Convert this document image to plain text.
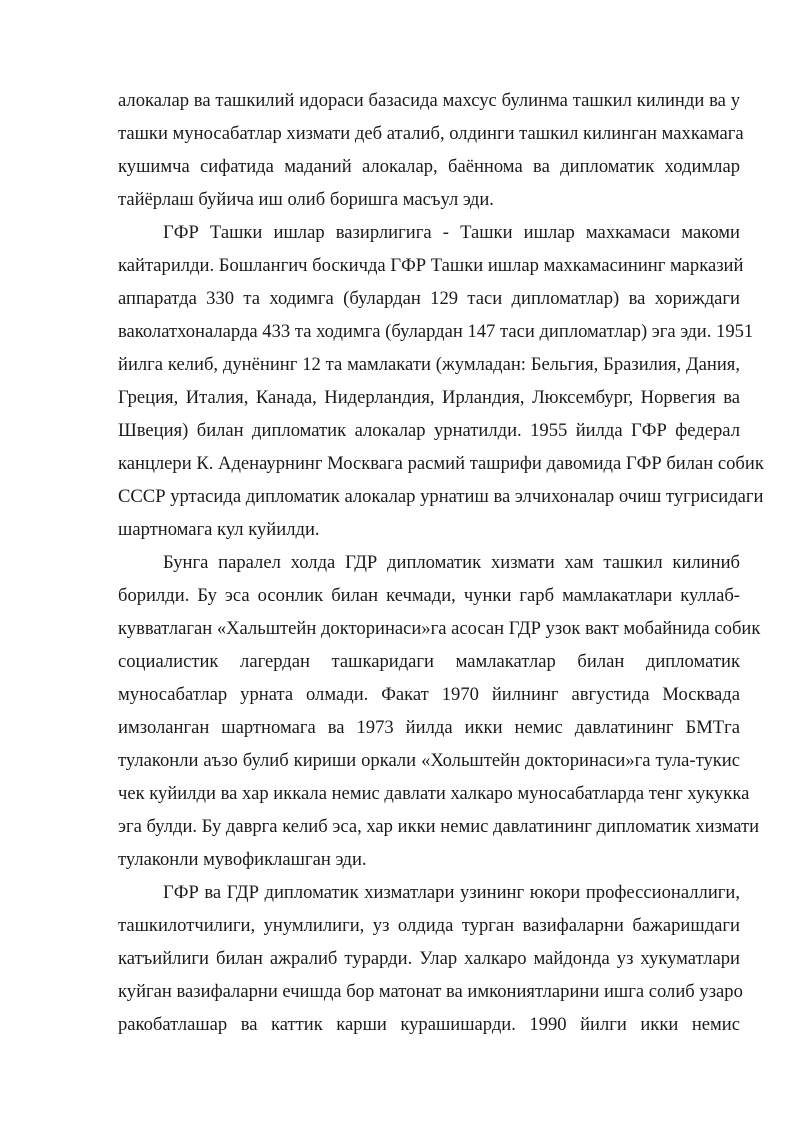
алокалар ва ташкилий идораси базасида махсус булинма ташкил килинди ва у
ташки муносабатлар хизмати деб аталиб, олдинги ташкил килинган махкамага
кушимча сифатида маданий алокалар, баённома ва дипломатик ходимлар
тайёрлаш буйича иш олиб боришга масъул эди.
ГФР Ташки ишлар вазирлигига - Ташки ишлар махкамаси макоми
кайтарилди. Бошлангич боскичда ГФР Ташки ишлар махкамасининг марказий
аппаратда 330 та ходимга (булардан 129 таси дипломатлар) ва хориждаги
ваколатхоналарда 433 та ходимга (булардан 147 таси дипломатлар) эга эди. 1951
йилга келиб, дунёнинг 12 та мамлакати (жумладан: Бельгия, Бразилия, Дания,
Греция, Италия, Канада, Нидерландия, Ирландия, Люксембург, Норвегия ва
Швеция) билан дипломатик алокалар урнатилди. 1955 йилда ГФР федерал
канцлери К. Аденаурнинг Москвага расмий ташрифи давомида ГФР билан собик
СССР уртасида дипломатик алокалар урнатиш ва элчихоналар очиш тугрисидаги
шартномага кул куйилди.
Бунга паралел холда ГДР дипломатик хизмати хам ташкил килиниб
борилди. Бу эса осонлик билан кечмади, чунки гарб мамлакатлари куллаб-
кувватлаган «Хальштейн докторинаси»га асосан ГДР узок вакт мобайнида собик
социалистик лагердан ташкаридаги мамлакатлар билан дипломатик
муносабатлар урната олмади. Факат 1970 йилнинг августида Москвада
имзоланган шартномага ва 1973 йилда икки немис давлатининг БМТга
тулаконли аъзо булиб кириши оркали «Хольштейн докторинаси»га тула-тукис
чек куйилди ва хар иккала немис давлати халкаро муносабатларда тенг хукукка
эга булди. Бу даврга келиб эса, хар икки немис давлатининг дипломатик хизмати
тулаконли мувофиклашган эди.
ГФР ва ГДР дипломатик хизматлари узининг юкори профессионаллиги,
ташкилотчилиги, унумлилиги, уз олдида турган вазифаларни бажаришдаги
катъийлиги билан ажралиб турарди. Улар халкаро майдонда уз хукуматлари
куйган вазифаларни ечишда бор матонат ва имкониятларини ишга солиб узаро
ракобатлашар ва каттик карши курашишарди. 1990 йилги икки немис
